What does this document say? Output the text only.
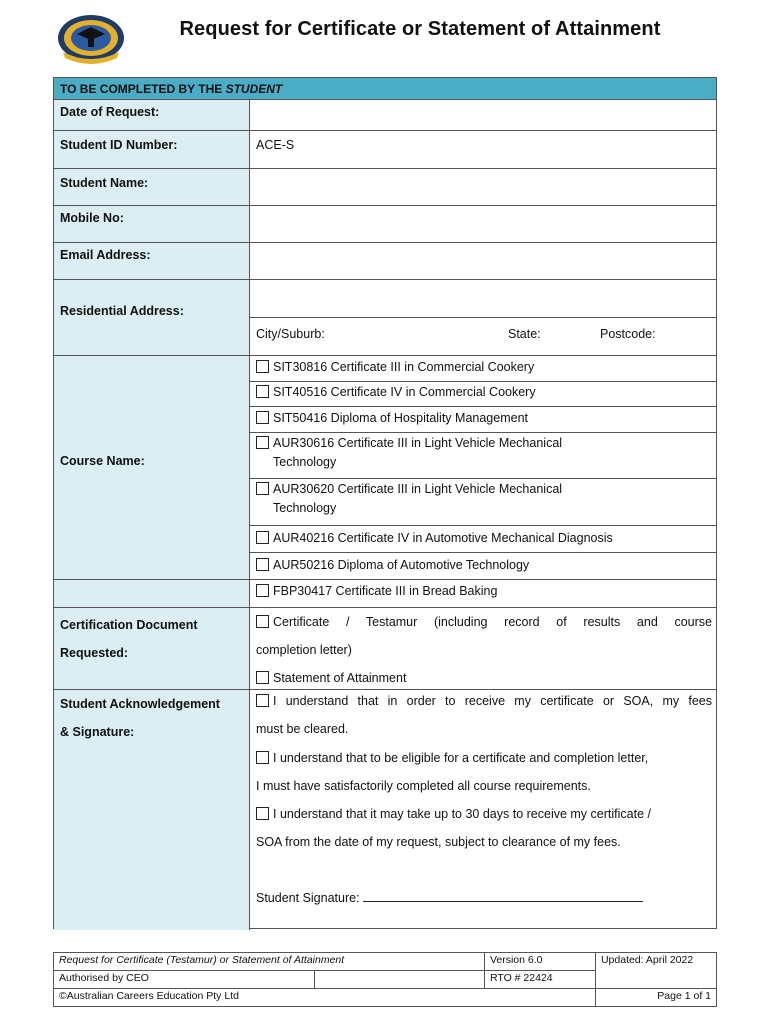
Request for Certificate or Statement of Attainment
TO BE COMPLETED BY THE STUDENT
Date of Request:
Student ID Number:	ACE-S
Student Name:
Mobile No:
Email Address:
Residential Address:
City/Suburb:	State:	Postcode:
Course Name:
SIT30816 Certificate III in Commercial Cookery
SIT40516 Certificate IV in Commercial Cookery
SIT50416 Diploma of Hospitality Management
AUR30616 Certificate III in Light Vehicle Mechanical
Technology
AUR30620 Certificate III in Light Vehicle Mechanical
Technology
AUR40216 Certificate IV in Automotive Mechanical Diagnosis
AUR50216 Diploma of Automotive Technology
FBP30417 Certificate III in Bread Baking
Certification Document
Requested:
Certificate / Testamur (including record of results and course
completion letter)
Statement of Attainment
Student Acknowledgement
& Signature:
I understand that in order to receive my certificate or SOA, my fees
must be cleared.
I understand that to be eligible for a certificate and completion letter,
I must have satisfactorily completed all course requirements.
I understand that it may take up to 30 days to receive my certificate /
SOA from the date of my request, subject to clearance of my fees.
Student Signature:
Request for Certificate (Testamur) or Statement of Attainment		Version 6.0	Updated: April 2022
Authorised by CEO		RTO # 22424	
©Australian Careers Education Pty Ltd			Page 1 of 1
